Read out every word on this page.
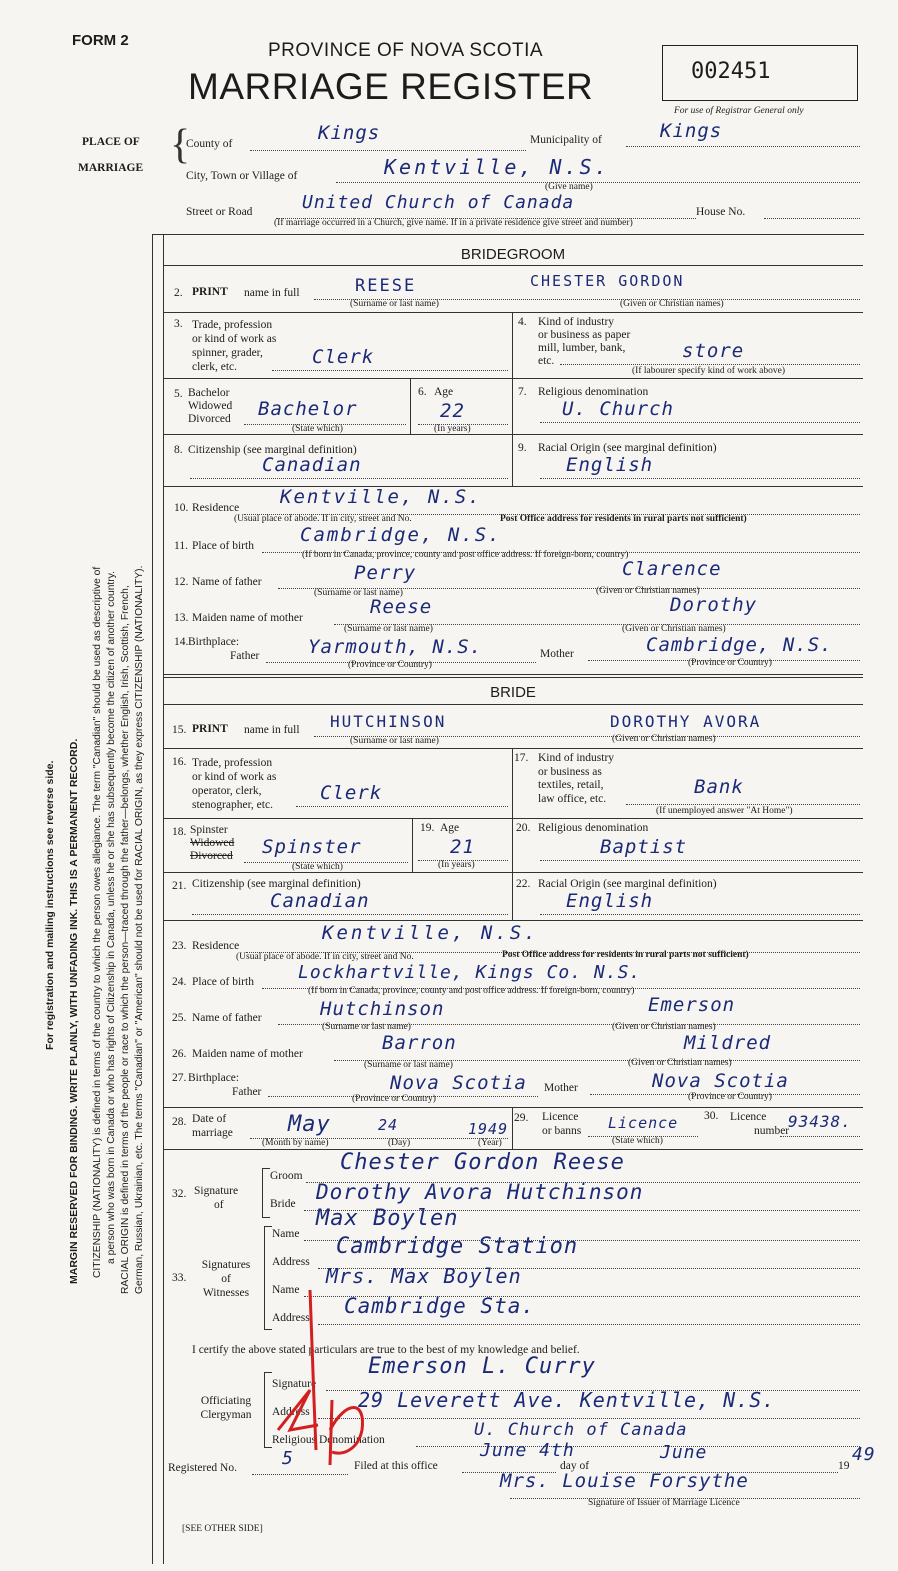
FORM 2	PROVINCE OF NOVA SCOTIA
MARRIAGE REGISTER	002451
For use of Registrar General only
For registration and mailing instructions see reverse side. MARGIN RESERVED FOR BINDING. WRITE PLAINLY, WITH UNFADING INK. THIS IS A PERMANENT RECORD. CITIZENSHIP (NATIONALITY) is defined in terms of the country to which the person owes allegiance. The term "Canadian" should be used as descriptive of a person who was born in Canada or who has rights of Citizenship in Canada, unless he or she has subsequently become the citizen of another country. RACIAL ORIGIN is defined in terms of the people or race to which the person—traced through the father—belongs, whether English, Irish, Scottish, French, German, Russian, Ukrainian, etc. The terms "Canadian" or "American" should not be used for RACIAL ORIGIN, as they express CITIZENSHIP (NATIONALITY).
PLACE OF
MARRIAGE {
County of	Kings	Municipality of	Kings
City, Town or Village of	Kentville, N.S.
(Give name)
Street or Road	United Church of Canada	House No.
(If marriage occurred in a Church, give name. If in a private residence give street and number)
BRIDEGROOM
2. PRINT name in full	REESE	CHESTER GORDON
(Surname or last name)	(Given or Christian names)
3. Trade, profession
or kind of work as
spinner, grader,
clerk, etc.	Clerk
4. Kind of industry
or business as paper
mill, lumber, bank,
etc.	store
(If labourer specify kind of work above)
5. Bachelor
Widowed
Divorced Bachelor
(State which)
6. Age
22
(In years)
7. Religious denomination
U. Church
8. Citizenship (see marginal definition)
Canadian
9. Racial Origin (see marginal definition)
English
10. Residence Kentville, N.S.
(Usual place of abode. If in city, street and No.	Post Office address for residents in rural parts not sufficient)
11. Place of birth Cambridge, N.S.
(If born in Canada, province, county and post office address. If foreign-born, country)
12. Name of father	Perry	Clarence
(Surname or last name)	(Given or Christian names)
13. Maiden name of mother	Reese	Dorothy
(Surname or last name)	(Given or Christian names)
14. Birthplace:
Father	Yarmouth, N.S.	Mother	Cambridge, N.S.
(Province or Country)	(Province or Country)
BRIDE
15. PRINT name in full HUTCHINSON	DOROTHY AVORA
(Surname or last name)	(Given or Christian names)
16. Trade, profession
or kind of work as
operator, clerk,
stenographer, etc.
Clerk
17. Kind of industry
or business as
textiles, retail,
law office, etc.
Bank
(If unemployed answer "At Home")
18. Spinster
Widowed
Divorced Spinster
(State which)
19. Age
21
(In years)
20. Religious denomination
Baptist
21. Citizenship (see marginal definition)
Canadian
22. Racial Origin (see marginal definition)
English
23. Residence
Kentville, N.S.
(Usual place of abode. If in city, street and No.	Post Office address for residents in rural parts not sufficient)
24. Place of birth Lockhartville, Kings Co. N.S.
(If born in Canada, province, county and post office address. If foreign-born, country)
25. Name of father	Hutchinson	Emerson
(Surname or last name)	(Given or Christian names)
26. Maiden name of mother	Barron	Mildred
(Surname or last name)	(Given or Christian names)
27. Birthplace:
Father	Nova Scotia Mother	Nova Scotia
(Province or Country)	(Province or Country)
28. Date of
marriage	May	24	1949
(Month by name)	(Day)	(Year)
29. Licence
or banns Licence
(State which)
30. Licence
number
93438.
32. Signature
of
Groom
Chester Gordon Reese
Bride Dorothy Avora Hutchinson
33.
Signatures
of
Witnesses
Name
Max Boylen
Address
Cambridge Station
Name
Mrs. Max Boylen
Address Cambridge Sta.
I certify the above stated particulars are true to the best of my knowledge and belief.
Officiating
Clergyman
Signature
Emerson L. Curry
Address 29 Leverett Ave. Kentville, N.S.
Religious Denomination	U. Church of Canada
Registered No.	5	Filed at this office
June 4th
day of
June
19
49
Mrs. Louise Forsythe
Signature of Issuer of Marriage Licence
[SEE OTHER SIDE]
